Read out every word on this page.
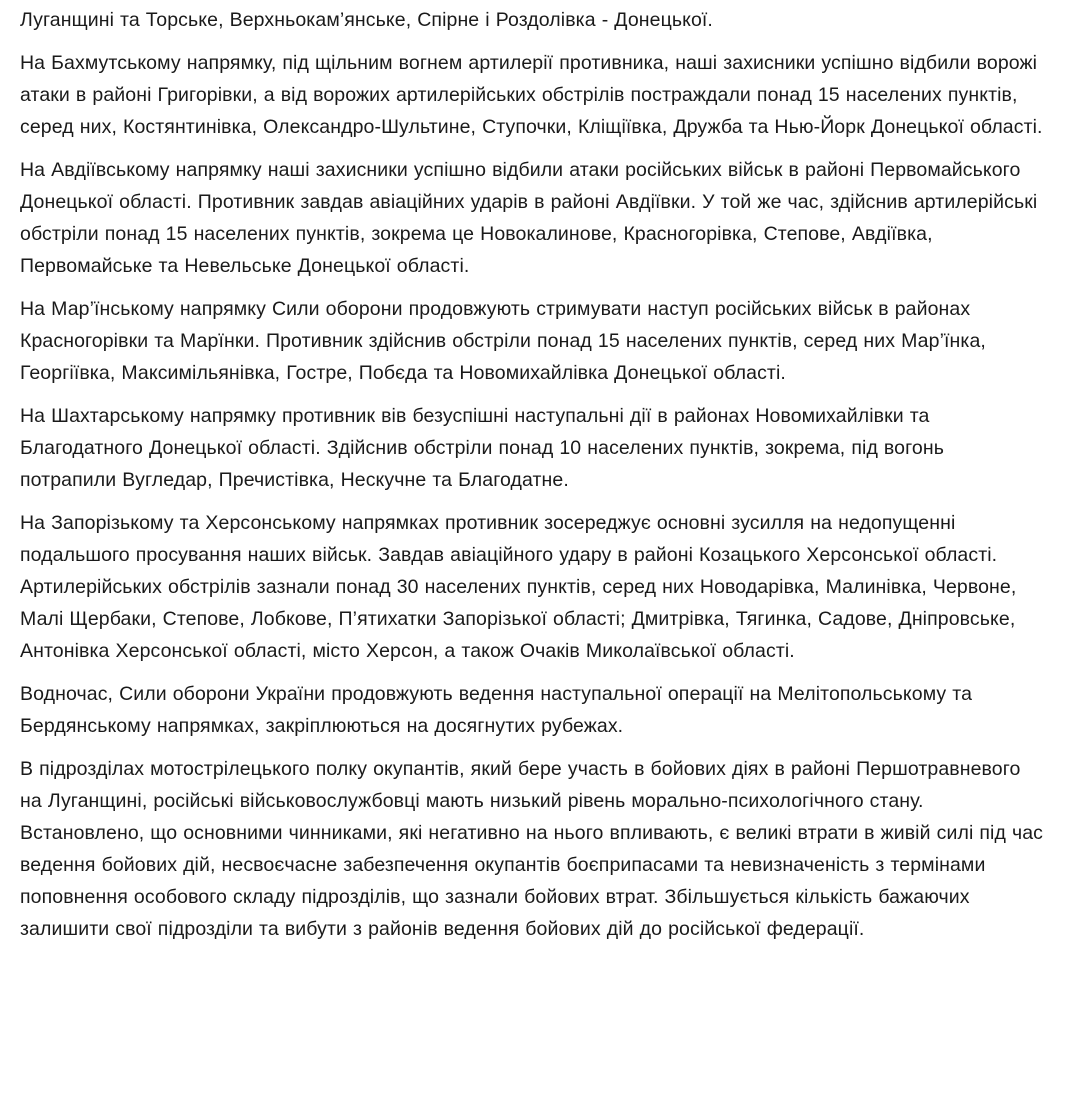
Луганщині та Торське, Верхньокам’янське, Спірне і Роздолівка - Донецької.

На Бахмутському напрямку, під щільним вогнем артилерії противника, наші захисники успішно відбили ворожі атаки в районі Григорівки, а від ворожих артилерійських обстрілів постраждали понад 15 населених пунктів, серед них, Костянтинівка, Олександро-Шультине, Ступочки, Кліщіївка, Дружба та Нью-Йорк Донецької області.

На Авдіївському напрямку наші захисники успішно відбили атаки російських військ в районі Первомайського Донецької області. Противник завдав авіаційних ударів в районі Авдіївки. У той же час, здійснив артилерійські обстріли понад 15 населених пунктів, зокрема це Новокалинове, Красногорівка, Степове, Авдіївка, Первомайське та Невельське Донецької області.

На Мар’їнському напрямку Сили оборони продовжують стримувати наступ російських військ в районах Красногорівки та Марїнки. Противник здійснив обстріли понад 15 населених пунктів, серед них Мар’їнка, Георгіївка, Максимільянівка, Гостре, Побєда та Новомихайлівка Донецької області.

На Шахтарському напрямку противник вів безуспішні наступальні дії в районах Новомихайлівки та Благодатного Донецької області. Здійснив обстріли понад 10 населених пунктів, зокрема, під вогонь потрапили Вугледар, Пречистівка, Нескучне та Благодатне.

На Запорізькому та Херсонському напрямках противник зосереджує основні зусилля на недопущенні подальшого просування наших військ. Завдав авіаційного удару в районі Козацького Херсонської області. Артилерійських обстрілів зазнали понад 30 населених пунктів, серед них Новодарівка, Малинівка, Червоне, Малі Щербаки, Степове, Лобкове, П’ятихатки Запорізької області; Дмитрівка, Тягинка, Садове, Дніпровське, Антонівка Херсонської області, місто Херсон, а також Очаків Миколаївської області.

Водночас, Сили оборони України продовжують ведення наступальної операції на Мелітопольському та Бердянському напрямках, закріплюються на досягнутих рубежах.

В підрозділах мотострілецького полку окупантів, який бере участь в бойових діях в районі Першотравневого на Луганщині, російські військовослужбовці мають низький рівень морально-психологічного стану. Встановлено, що основними чинниками, які негативно на нього впливають, є великі втрати в живій силі під час ведення бойових дій, несвоєчасне забезпечення окупантів боєприпасами та невизначеність з термінами поповнення особового складу підрозділів, що зазнали бойових втрат. Збільшується кількість бажаючих залишити свої підрозділи та вибути з районів ведення бойових дій до російської федерації.
